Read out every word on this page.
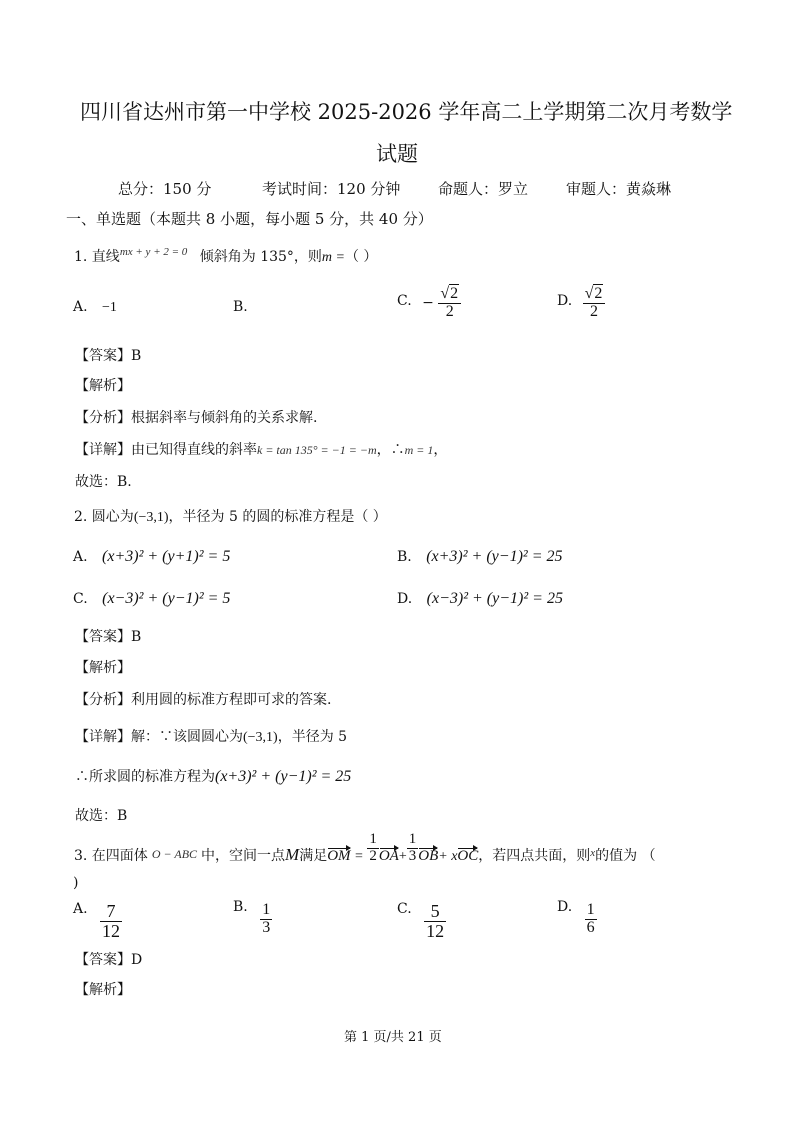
四川省达州市第一中学校 2025-2026 学年高二上学期第二次月考数学
试题
总分：150 分	考试时间：120 分钟	命题人：罗立	审题人：黄焱琳
一、单选题（本题共 8 小题，每小题 5 分，共 40 分）
1. 直线$^{mx + y + 2 = 0}$ 倾斜角为 135°，则m =（ ）
A. −1	B.	C. − $\frac{√2}{2}$	D. $\frac{√2}{2}$
【答案】B
【解析】
【分析】根据斜率与倾斜角的关系求解.
【详解】由已知得直线的斜率k = tan 135° = −1 = −m，∴m = 1，
故选：B.
2. 圆心为(−3,1)，半径为 5 的圆的标准方程是（ ）
A. (x+3)² + (y+1)² = 5	B. (x+3)² + (y−1)² = 25
C. (x−3)² + (y−1)² = 5	D. (x−3)² + (y−1)² = 25
【答案】B
【解析】
【分析】利用圆的标准方程即可求的答案.
【详解】解：∵该圆圆心为(−3,1)，半径为 5
∴所求圆的标准方程为(x+3)² + (y−1)² = 25
故选：B
3. 在四面体 O − ABC 中，空间一点M满足OM = $\frac{1}{2} OA+ \frac{1}{3} OB+$ xOC，若四点共面，则$_x$的值为 （
)
A. $\frac{7}{12}$	B. $\frac{1}{3}$	C. $\frac{5}{12}$	D. $\frac{1}{6}$
【答案】D
【解析】
第 1 页/共 21 页
